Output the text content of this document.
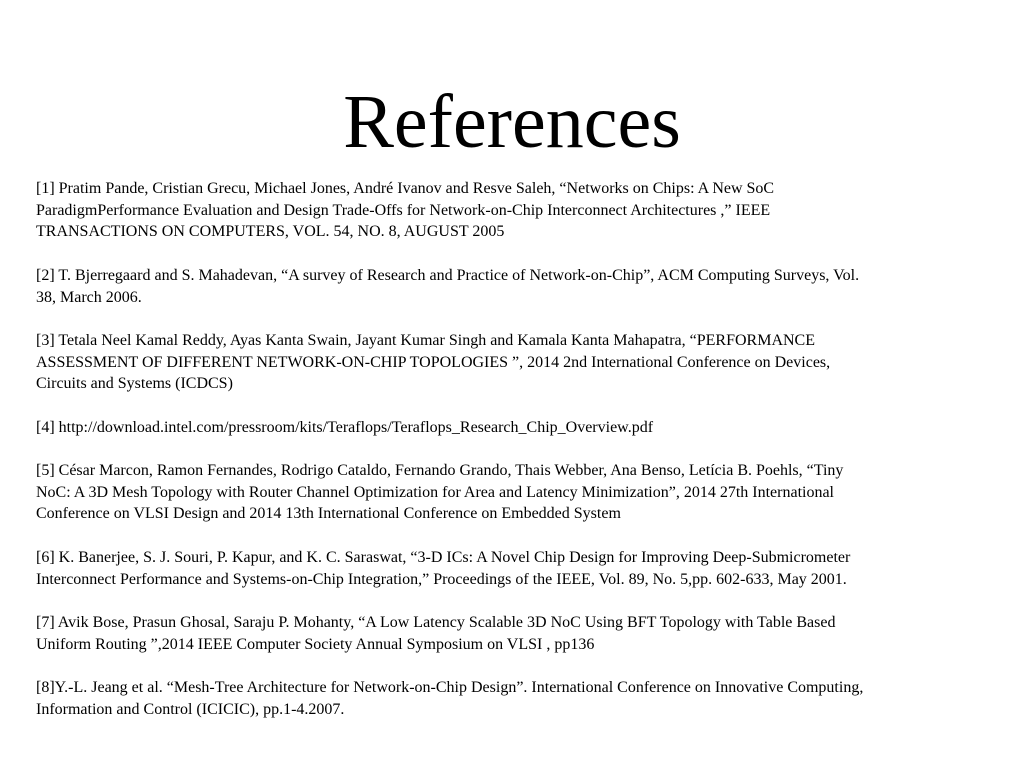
References

[1] Pratim Pande, Cristian Grecu, Michael Jones, André Ivanov and Resve Saleh, “Networks on Chips: A New SoC
ParadigmPerformance Evaluation and Design Trade-Offs for Network-on-Chip Interconnect Architectures ,” IEEE
TRANSACTIONS ON COMPUTERS, VOL. 54, NO. 8, AUGUST 2005

[2] T. Bjerregaard and S. Mahadevan, “A survey of Research and Practice of Network-on-Chip”, ACM Computing Surveys, Vol.
38, March 2006.

[3] Tetala Neel Kamal Reddy, Ayas Kanta Swain, Jayant Kumar Singh and Kamala Kanta Mahapatra, “PERFORMANCE
ASSESSMENT OF DIFFERENT NETWORK-ON-CHIP TOPOLOGIES ”, 2014 2nd International Conference on Devices,
Circuits and Systems (ICDCS)

[4] http://download.intel.com/pressroom/kits/Teraflops/Teraflops_Research_Chip_Overview.pdf

[5] César Marcon, Ramon Fernandes, Rodrigo Cataldo, Fernando Grando, Thais Webber, Ana Benso, Letícia B. Poehls, “Tiny
NoC: A 3D Mesh Topology with Router Channel Optimization for Area and Latency Minimization”, 2014 27th International
Conference on VLSI Design and 2014 13th International Conference on Embedded System

[6] K. Banerjee, S. J. Souri, P. Kapur, and K. C. Saraswat, “3-D ICs: A Novel Chip Design for Improving Deep-Submicrometer
Interconnect Performance and Systems-on-Chip Integration,” Proceedings of the IEEE, Vol. 89, No. 5,pp. 602-633, May 2001.

[7] Avik Bose, Prasun Ghosal, Saraju P. Mohanty, “A Low Latency Scalable 3D NoC Using BFT Topology with Table Based
Uniform Routing ”,2014 IEEE Computer Society Annual Symposium on VLSI , pp136

[8]Y.-L. Jeang et al. “Mesh-Tree Architecture for Network-on-Chip Design”. International Conference on Innovative Computing,
Information and Control (ICICIC), pp.1-4.2007.
